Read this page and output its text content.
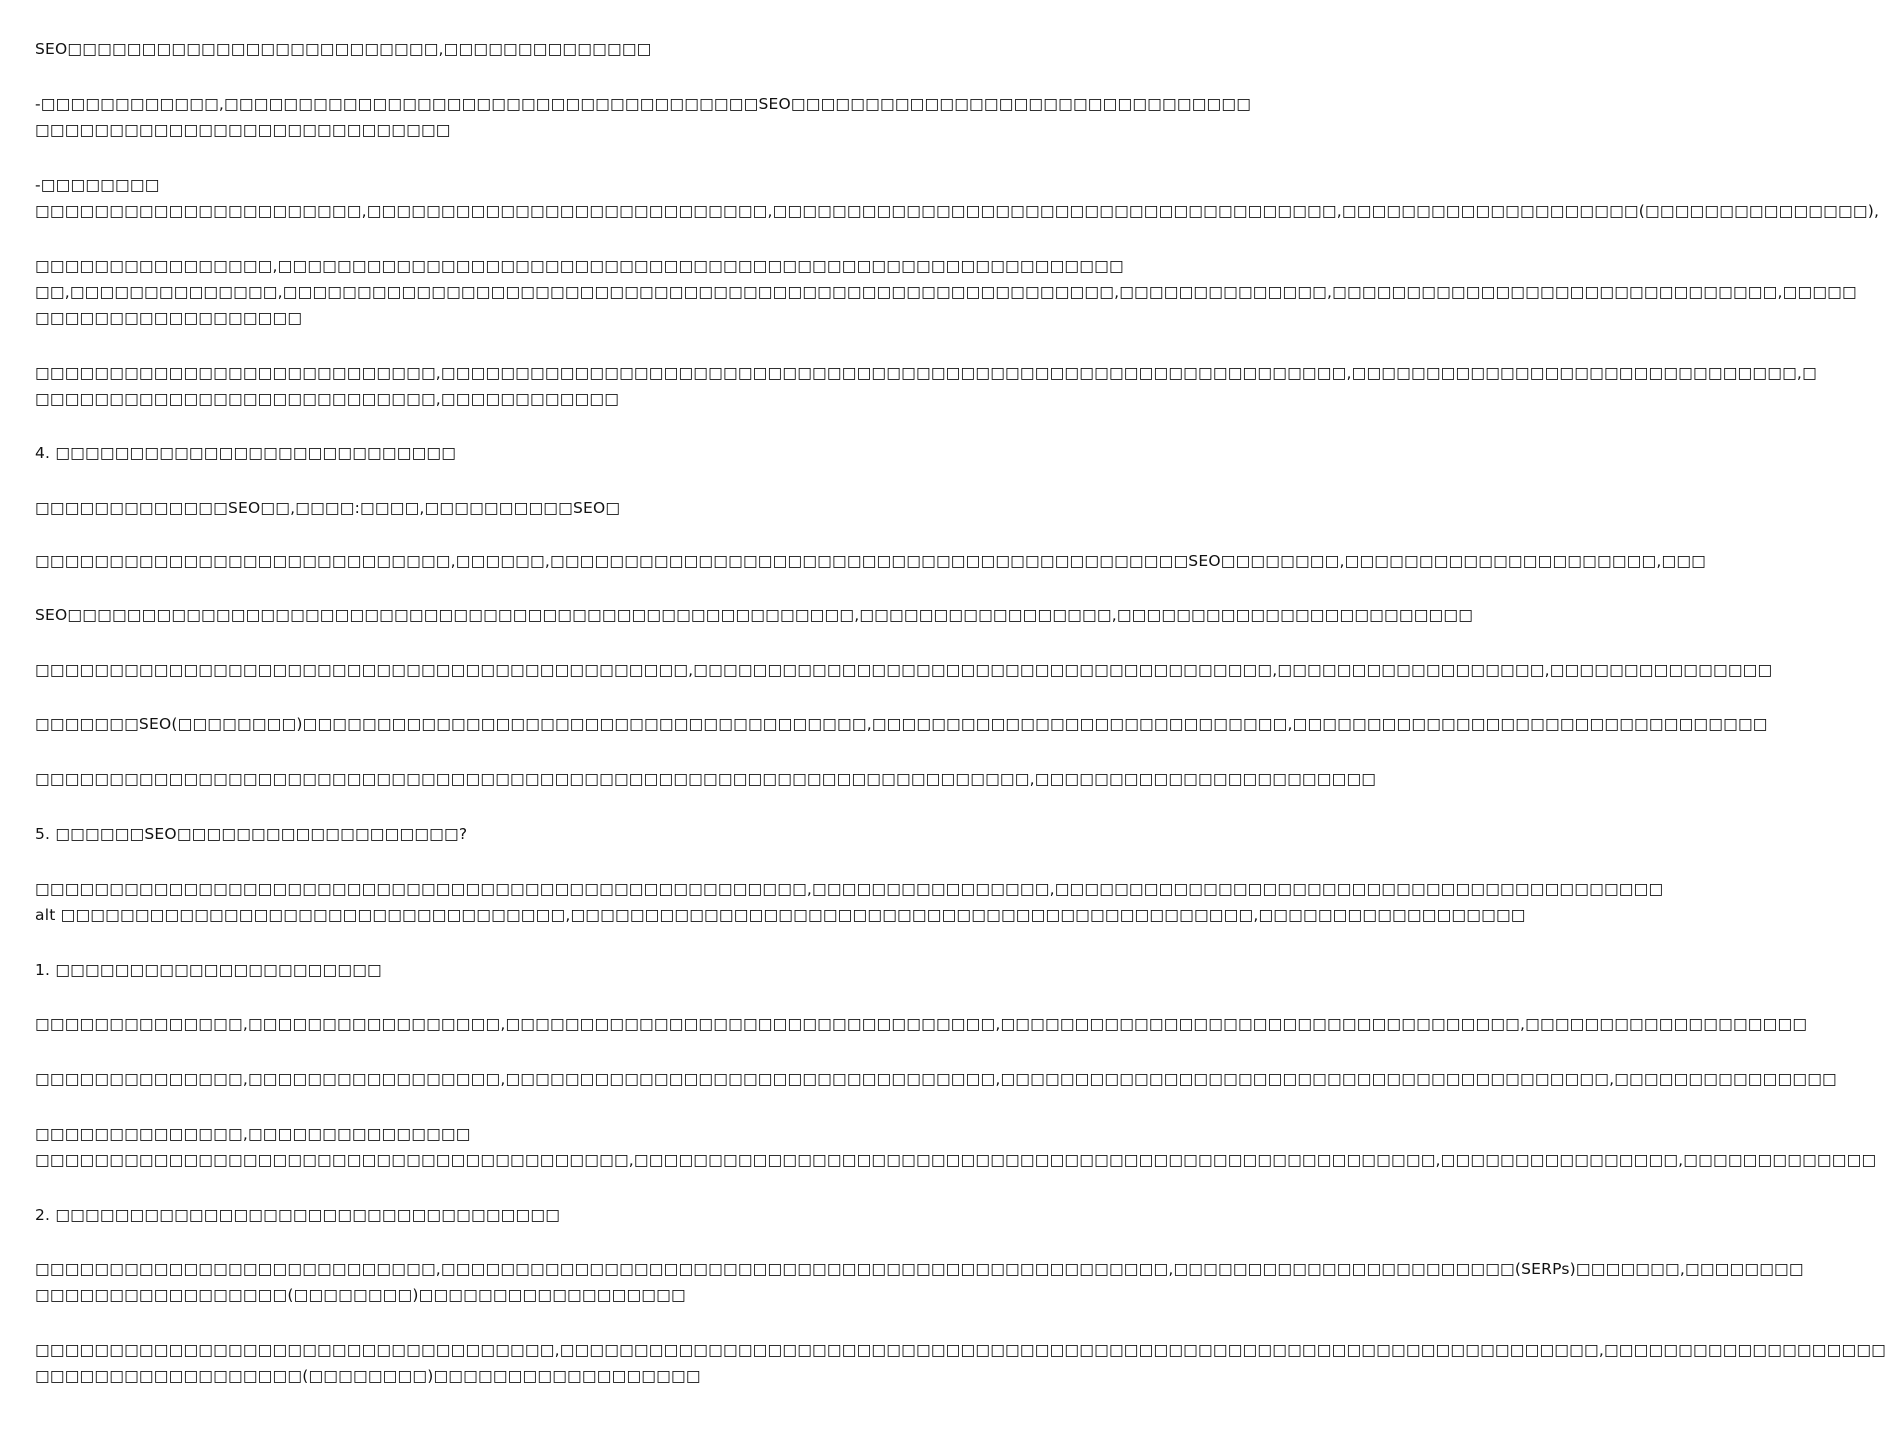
SEO□□□□□□□□□□□□□□□□□□□□□□□□□,□□□□□□□□□□□□□□
-□□□□□□□□□□□□,□□□□□□□□□□□□□□□□□□□□□□□□□□□□□□□□□□□□SEO□□□□□□□□□□□□□□□□□□□□□□□□□□□□□□□
□□□□□□□□□□□□□□□□□□□□□□□□□□□□
-□□□□□□□□
□□□□□□□□□□□□□□□□□□□□□□,□□□□□□□□□□□□□□□□□□□□□□□□□□□,□□□□□□□□□□□□□□□□□□□□□□□□□□□□□□□□□□□□□□,□□□□□□□□□□□□□□□□□□□□(□□□□□□□□□□□□□□□),
□□□□□□□□□□□□□□□□,□□□□□□□□□□□□□□□□□□□□□□□□□□□□□□□□□□□□□□□□□□□□□□□□□□□□□□□□□
□□,□□□□□□□□□□□□□□,□□□□□□□□□□□□□□□□□□□□□□□□□□□□□□□□□□□□□□□□□□□□□□□□□□□□□□□□,□□□□□□□□□□□□□□,□□□□□□□□□□□□□□□□□□□□□□□□□□□□□□,□□□□□
□□□□□□□□□□□□□□□□□□
□□□□□□□□□□□□□□□□□□□□□□□□□□□,□□□□□□□□□□□□□□□□□□□□□□□□□□□□□□□□□□□□□□□□□□□□□□□□□□□□□□□□□□□□□,□□□□□□□□□□□□□□□□□□□□□□□□□□□□□□,□
□□□□□□□□□□□□□□□□□□□□□□□□□□□,□□□□□□□□□□□□
4. □□□□□□□□□□□□□□□□□□□□□□□□□□□
□□□□□□□□□□□□□SEO□□,□□□□:□□□□,□□□□□□□□□□SEO□
□□□□□□□□□□□□□□□□□□□□□□□□□□□□,□□□□□□,□□□□□□□□□□□□□□□□□□□□□□□□□□□□□□□□□□□□□□□□□□□SEO□□□□□□□□,□□□□□□□□□□□□□□□□□□□□□,□□□
SEO□□□□□□□□□□□□□□□□□□□□□□□□□□□□□□□□□□□□□□□□□□□□□□□□□□□□□,□□□□□□□□□□□□□□□□□,□□□□□□□□□□□□□□□□□□□□□□□□
□□□□□□□□□□□□□□□□□□□□□□□□□□□□□□□□□□□□□□□□□□□□,□□□□□□□□□□□□□□□□□□□□□□□□□□□□□□□□□□□□□□□,□□□□□□□□□□□□□□□□□□,□□□□□□□□□□□□□□□
□□□□□□□SEO(□□□□□□□□)□□□□□□□□□□□□□□□□□□□□□□□□□□□□□□□□□□□□□□,□□□□□□□□□□□□□□□□□□□□□□□□□□□□,□□□□□□□□□□□□□□□□□□□□□□□□□□□□□□□□
□□□□□□□□□□□□□□□□□□□□□□□□□□□□□□□□□□□□□□□□□□□□□□□□□□□□□□□□□□□□□□□□□□□,□□□□□□□□□□□□□□□□□□□□□□□
5. □□□□□□SEO□□□□□□□□□□□□□□□□□□□?
□□□□□□□□□□□□□□□□□□□□□□□□□□□□□□□□□□□□□□□□□□□□□□□□□□□□,□□□□□□□□□□□□□□□□,□□□□□□□□□□□□□□□□□□□□□□□□□□□□□□□□□□□□□□□□□
alt □□□□□□□□□□□□□□□□□□□□□□□□□□□□□□□□□□,□□□□□□□□□□□□□□□□□□□□□□□□□□□□□□□□□□□□□□□□□□□□□□,□□□□□□□□□□□□□□□□□□
1. □□□□□□□□□□□□□□□□□□□□□□
□□□□□□□□□□□□□□,□□□□□□□□□□□□□□□□□,□□□□□□□□□□□□□□□□□□□□□□□□□□□□□□□□□,□□□□□□□□□□□□□□□□□□□□□□□□□□□□□□□□□□□,□□□□□□□□□□□□□□□□□□□
□□□□□□□□□□□□□□,□□□□□□□□□□□□□□□□□,□□□□□□□□□□□□□□□□□□□□□□□□□□□□□□□□□,□□□□□□□□□□□□□□□□□□□□□□□□□□□□□□□□□□□□□□□□□,□□□□□□□□□□□□□□□
□□□□□□□□□□□□□□,□□□□□□□□□□□□□□□
□□□□□□□□□□□□□□□□□□□□□□□□□□□□□□□□□□□□□□□□,□□□□□□□□□□□□□□□□□□□□□□□□□□□□□□□□□□□□□□□□□□□□□□□□□□□□□□,□□□□□□□□□□□□□□□□,□□□□□□□□□□□□□
2. □□□□□□□□□□□□□□□□□□□□□□□□□□□□□□□□□□
□□□□□□□□□□□□□□□□□□□□□□□□□□□,□□□□□□□□□□□□□□□□□□□□□□□□□□□□□□□□□□□□□□□□□□□□□□□□□,□□□□□□□□□□□□□□□□□□□□□□□(SERPs)□□□□□□□,□□□□□□□□
□□□□□□□□□□□□□□□□□(□□□□□□□□)□□□□□□□□□□□□□□□□□□
□□□□□□□□□□□□□□□□□□□□□□□□□□□□□□□□□□□,□□□□□□□□□□□□□□□□□□□□□□□□□□□□□□□□□□□□□□□□□□□□□□□□□□□□□□□□□□□□□□□□□□□□□□,□□□□□□□□□□□□□□□□□□□
□□□□□□□□□□□□□□□□□□(□□□□□□□□)□□□□□□□□□□□□□□□□□□
